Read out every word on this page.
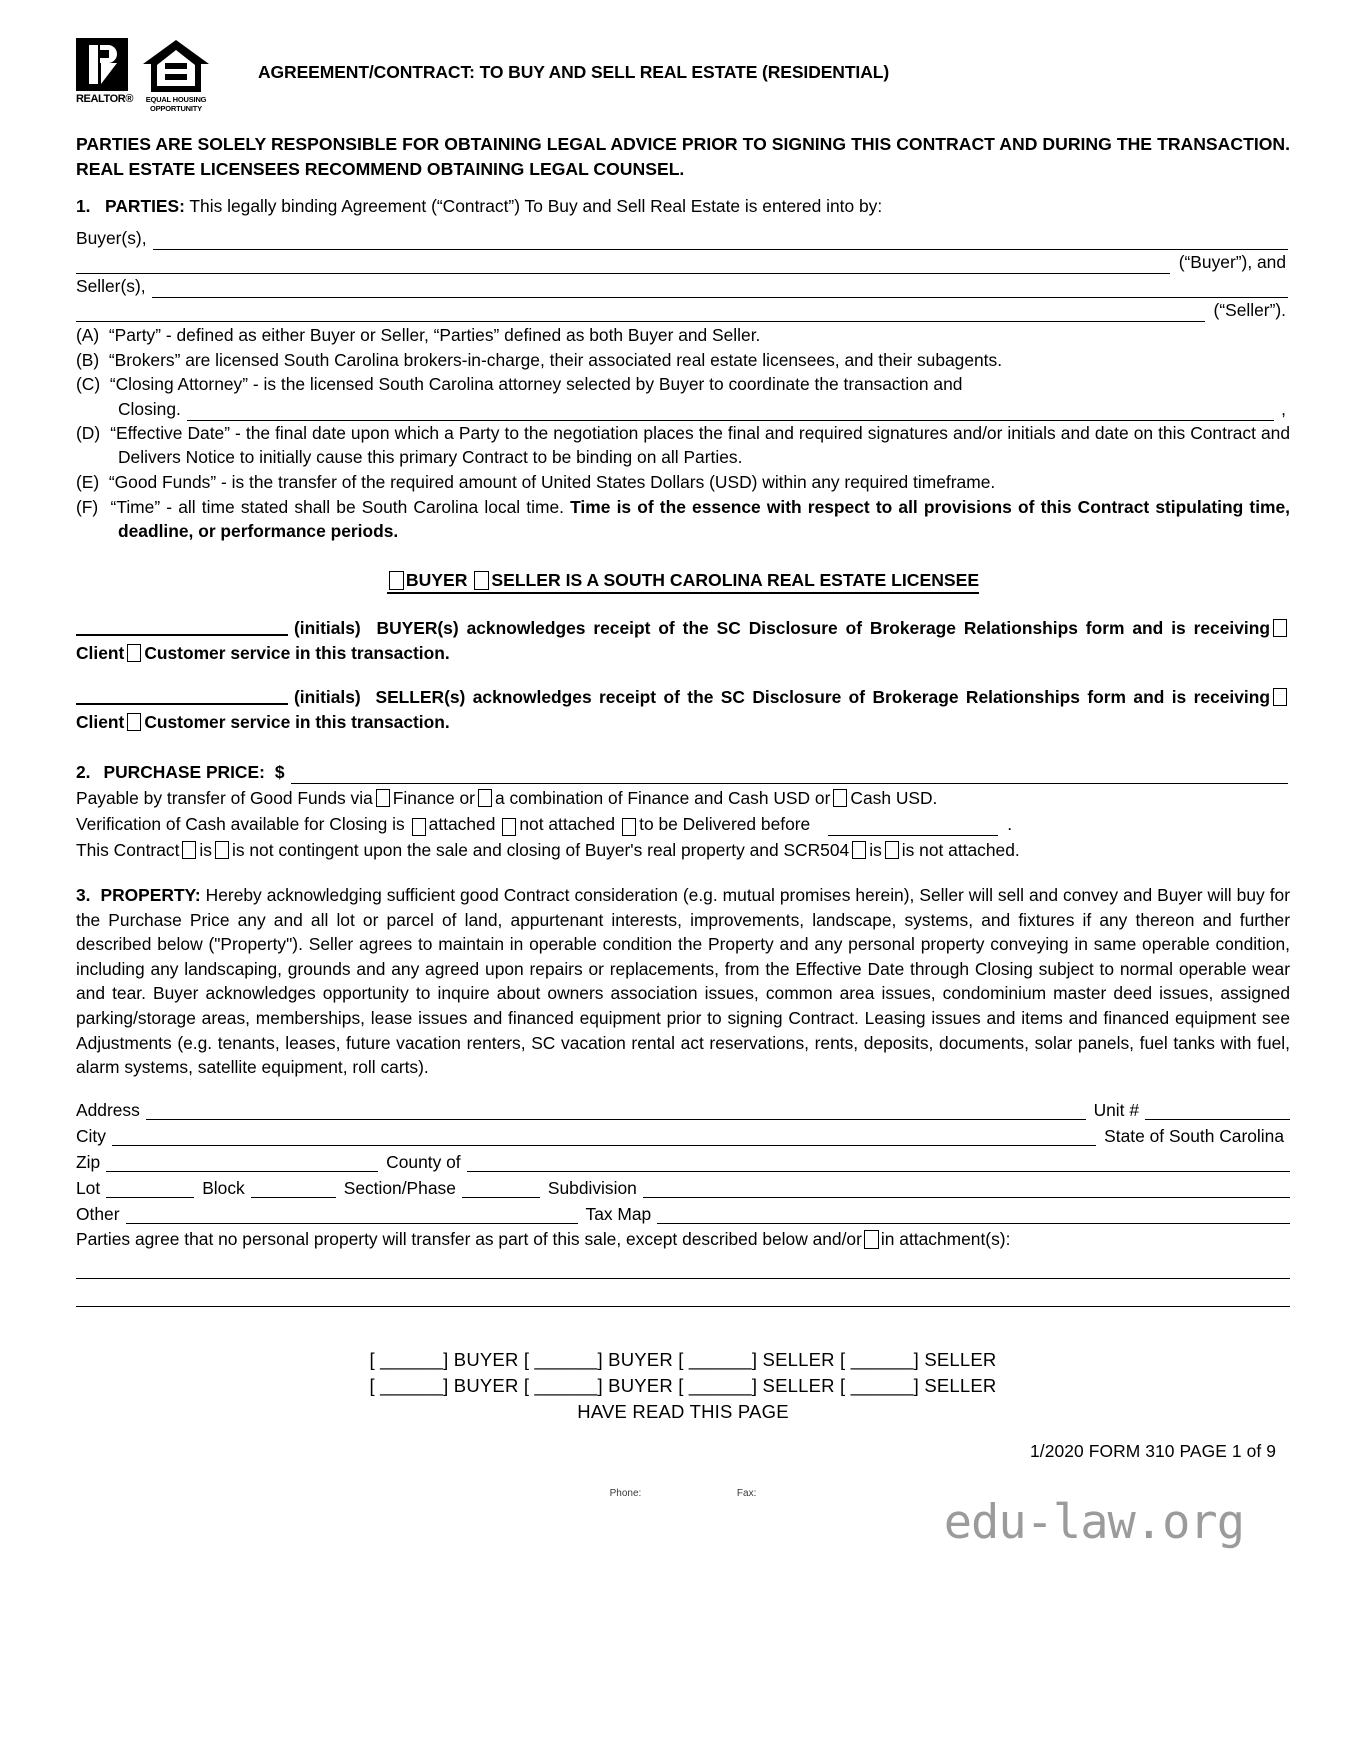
REALTOR®	EQUAL HOUSING
OPPORTUNITY
AGREEMENT/CONTRACT: TO BUY AND SELL REAL ESTATE (RESIDENTIAL)
PARTIES ARE SOLELY RESPONSIBLE FOR OBTAINING LEGAL ADVICE PRIOR TO SIGNING THIS CONTRACT AND DURING THE TRANSACTION. REAL ESTATE LICENSEES RECOMMEND OBTAINING LEGAL COUNSEL.
1. PARTIES: This legally binding Agreement (“Contract”) To Buy and Sell Real Estate is entered into by:
Buyer(s),
(“Buyer”), and
Seller(s),
(“Seller”).
(A) “Party” - defined as either Buyer or Seller, “Parties” defined as both Buyer and Seller.
(B) “Brokers” are licensed South Carolina brokers-in-charge, their associated real estate licensees, and their subagents.
(C) “Closing Attorney” - is the licensed South Carolina attorney selected by Buyer to coordinate the transaction and
Closing.	,
(D) “Effective Date” - the final date upon which a Party to the negotiation places the final and required signatures and/or initials and date on this Contract and Delivers Notice to initially cause this primary Contract to be binding on all Parties.
(E) “Good Funds” - is the transfer of the required amount of United States Dollars (USD) within any required timeframe.
(F) “Time” - all time stated shall be South Carolina local time. Time is of the essence with respect to all provisions of this Contract stipulating time, deadline, or performance periods.
BUYER SELLER IS A SOUTH CAROLINA REAL ESTATE LICENSEE
(initials) BUYER(s) acknowledges receipt of the SC Disclosure of Brokerage Relationships form and is receivingClient Customer service in this transaction.
(initials) SELLER(s) acknowledges receipt of the SC Disclosure of Brokerage Relationships form and is receivingClient Customer service in this transaction.
2. PURCHASE PRICE: $
Payable by transfer of Good Funds via Finance or a combination of Finance and Cash USD or Cash USD.
Verification of Cash available for Closing is attached not attached to be Delivered before	.
This Contract is is not contingent upon the sale and closing of Buyer's real property and SCR504 is is not attached.
3. PROPERTY: Hereby acknowledging sufficient good Contract consideration (e.g. mutual promises herein), Seller will sell and convey and Buyer will buy for the Purchase Price any and all lot or parcel of land, appurtenant interests, improvements, landscape, systems, and fixtures if any thereon and further described below ("Property"). Seller agrees to maintain in operable condition the Property and any personal property conveying in same operable condition, including any landscaping, grounds and any agreed upon repairs or replacements, from the Effective Date through Closing subject to normal operable wear and tear. Buyer acknowledges opportunity to inquire about owners association issues, common area issues, condominium master deed issues, assigned parking/storage areas, memberships, lease issues and financed equipment prior to signing Contract. Leasing issues and items and financed equipment see Adjustments (e.g. tenants, leases, future vacation renters, SC vacation rental act reservations, rents, deposits, documents, solar panels, fuel tanks with fuel, alarm systems, satellite equipment, roll carts).
Address	Unit #
City	State of South Carolina
Zip	County of
Lot	Block	Section/Phase	Subdivision
Other	Tax Map
Parties agree that no personal property will transfer as part of this sale, except described below and/or in attachment(s):
[ ______] BUYER [ ______] BUYER [ ______] SELLER [ ______] SELLER
[ ______] BUYER [ ______] BUYER [ ______] SELLER [ ______] SELLER
HAVE READ THIS PAGE
1/2020 FORM 310 PAGE 1 of 9
Phone:	Fax:
edu-law.org
